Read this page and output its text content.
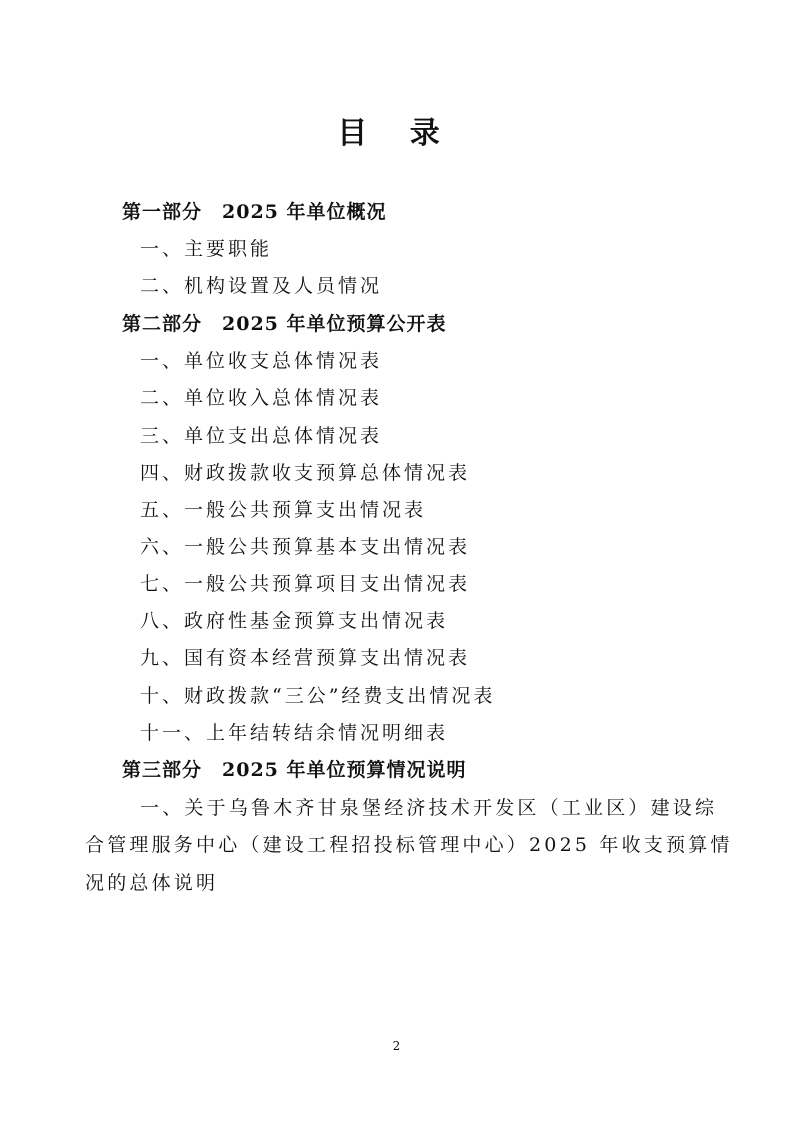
目 录
第一部分　2025 年单位概况
一、主要职能
二、机构设置及人员情况
第二部分　2025 年单位预算公开表
一、单位收支总体情况表
二、单位收入总体情况表
三、单位支出总体情况表
四、财政拨款收支预算总体情况表
五、一般公共预算支出情况表
六、一般公共预算基本支出情况表
七、一般公共预算项目支出情况表
八、政府性基金预算支出情况表
九、国有资本经营预算支出情况表
十、财政拨款“三公”经费支出情况表
十一、上年结转结余情况明细表
第三部分　2025 年单位预算情况说明
一、关于乌鲁木齐甘泉堡经济技术开发区（工业区）建设综
合管理服务中心（建设工程招投标管理中心）2025 年收支预算情
况的总体说明
2
